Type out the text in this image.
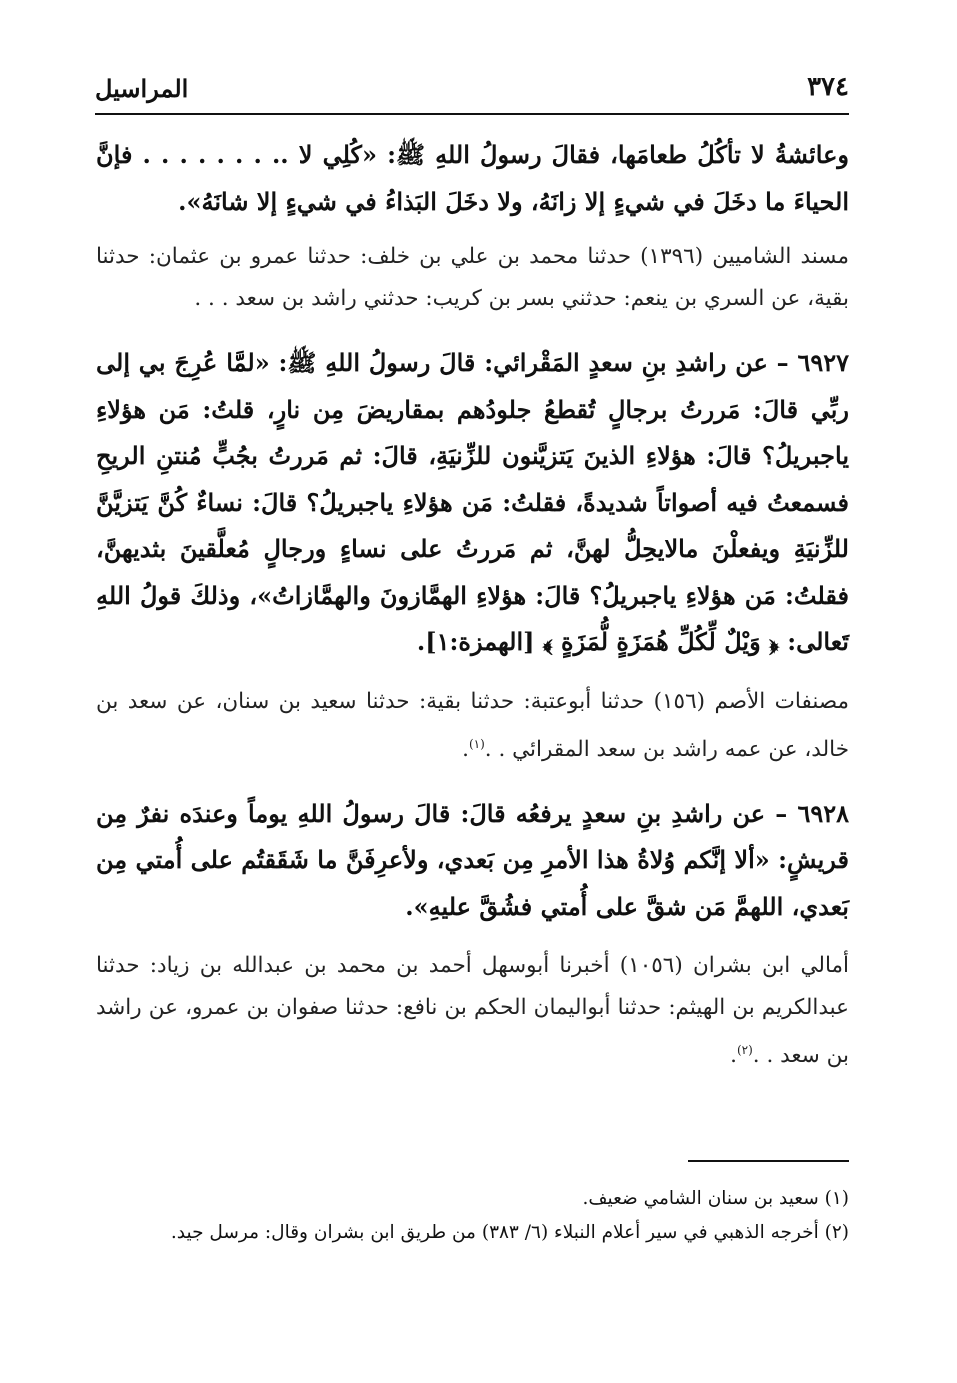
٣٧٤
المراسيل

وعائشةُ لا تأكُلُ طعامَها، فقالَ رسولُ اللهِ ﷺ: «كُلِي لا .. . . . . . . . فإنَّ الحياءَ ما دخَلَ في شيءٍ إلا زانَهُ، ولا دخَلَ البَذاءُ في شيءٍ إلا شانَهُ».

مسند الشاميين (١٣٩٦) حدثنا محمد بن علي بن خلف: حدثنا عمرو بن عثمان: حدثنا بقية، عن السري بن ينعم: حدثني بسر بن كريب: حدثني راشد بن سعد . . .

٦٩٢٧ – عن راشدِ بنِ سعدٍ المَقْرائي: قالَ رسولُ اللهِ ﷺ: «لمَّا عُرِجَ بي إلى ربِّي قالَ: مَررتُ برجالٍ تُقطعُ جلودُهم بمقاريضَ مِن نارٍ، قلتُ: مَن هؤلاءِ ياجبريلُ؟ قالَ: هؤلاءِ الذينَ يَتزيَّنون للزِّنيَةِ، قالَ: ثم مَررتُ بجُبٍّ مُنتنِ الريحِ فسمعتُ فيه أصواتاً شديدةً، فقلتُ: مَن هؤلاءِ ياجبريلُ؟ قالَ: نساءٌ كُنَّ يَتزيَّنَّ للزِّنيَةِ ويفعلْنَ مالايحِلُّ لهنَّ، ثم مَررتُ على نساءٍ ورجالٍ مُعلَّقينَ بثديهنَّ، فقلتُ: مَن هؤلاءِ ياجبريلُ؟ قالَ: هؤلاءِ الهمَّازونَ والهمَّازاتُ»، وذلكَ قولُ اللهِ تَعالى: ﴿ وَيْلٌ لِّكُلِّ هُمَزَةٍ لُّمَزَةٍ ﴾ [الهمزة:١].

مصنفات الأصم (١٥٦) حدثنا أبوعتبة: حدثنا بقية: حدثنا سعيد بن سنان، عن سعد بن خالد، عن عمه راشد بن سعد المقرائي . .$^{(١)}$.

٦٩٢٨ – عن راشدِ بنِ سعدٍ يرفعُه قالَ: قالَ رسولُ اللهِ يوماً وعندَه نفرٌ مِن قريشٍ: «ألا إنَّكم وُلاةُ هذا الأمرِ مِن بَعدي، ولأعرِفَنَّ ما شَقَقتُم على أُمتي مِن بَعدي، اللهمَّ مَن شقَّ على أُمتي فشُقَّ عليهِ».

أمالي ابن بشران (١٠٥٦) أخبرنا أبوسهل أحمد بن محمد بن عبدالله بن زياد: حدثنا عبدالكريم بن الهيثم: حدثنا أبواليمان الحكم بن نافع: حدثنا صفوان بن عمرو، عن راشد بن سعد . .$^{(٢)}$.

(١) سعيد بن سنان الشامي ضعيف.

(٢) أخرجه الذهبي في سير أعلام النبلاء (٦/ ٣٨٣) من طريق ابن بشران وقال: مرسل جيد.
